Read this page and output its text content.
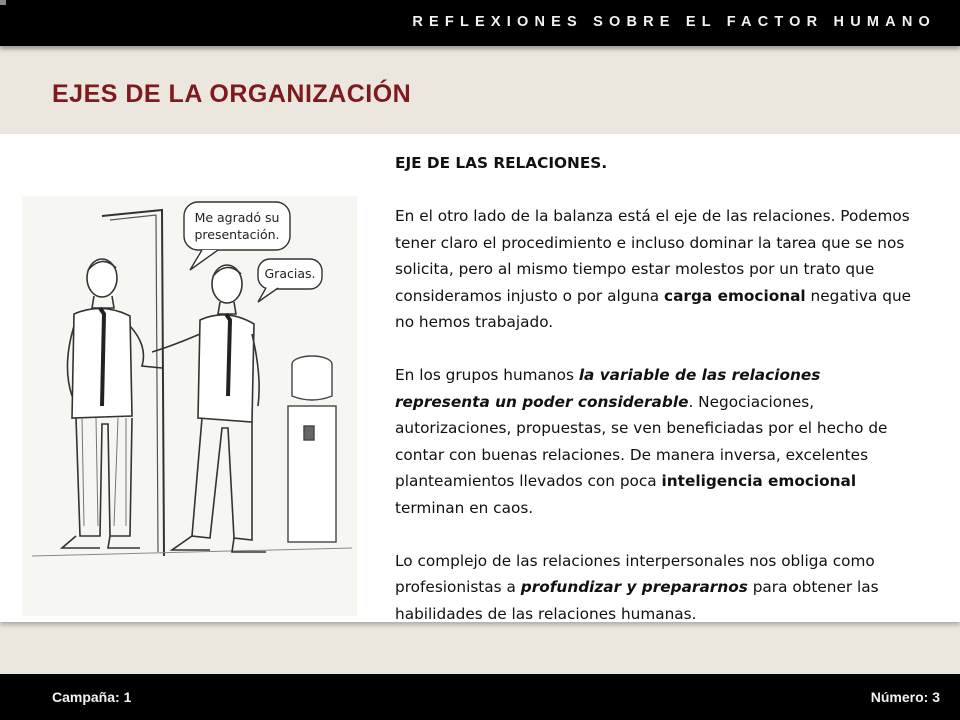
REFLEXIONES SOBRE EL FACTOR HUMANO
EJES DE LA ORGANIZACIÓN
Me agradó su
presentación.
Gracias.

EJE DE LAS RELACIONES.

En el otro lado de la balanza está el eje de las relaciones. Podemos tener claro el procedimiento e incluso dominar la tarea que se nos solicita, pero al mismo tiempo estar molestos por un trato que consideramos injusto o por alguna carga emocional negativa que no hemos trabajado.

En los grupos humanos la variable de las relaciones representa un poder considerable. Negociaciones, autorizaciones, propuestas, se ven beneficiadas por el hecho de contar con buenas relaciones. De manera inversa, excelentes planteamientos llevados con poca inteligencia emocional terminan en caos.

Lo complejo de las relaciones interpersonales nos obliga como profesionistas a profundizar y prepararnos para obtener las habilidades de las relaciones humanas.

Campaña: 1	Número: 3
